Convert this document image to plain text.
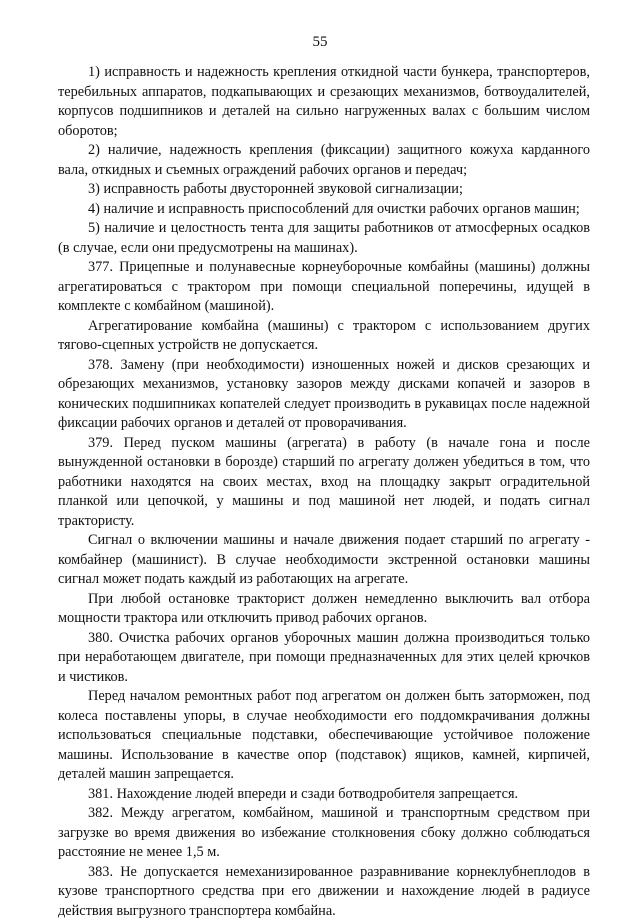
55

1) исправность и надежность крепления откидной части бункера, транспортеров, теребильных аппаратов, подкапывающих и срезающих механизмов, ботвоудалителей, корпусов подшипников и деталей на сильно нагруженных валах с большим числом оборотов;

2) наличие, надежность крепления (фиксации) защитного кожуха карданного вала, откидных и съемных ограждений рабочих органов и передач;

3) исправность работы двусторонней звуковой сигнализации;

4) наличие и исправность приспособлений для очистки рабочих органов машин;

5) наличие и целостность тента для защиты работников от атмосферных осадков (в случае, если они предусмотрены на машинах).

377. Прицепные и полунавесные корнеуборочные комбайны (машины) должны агрегатироваться с трактором при помощи специальной поперечины, идущей в комплекте с комбайном (машиной).

Агрегатирование комбайна (машины) с трактором с использованием других тягово-сцепных устройств не допускается.

378. Замену (при необходимости) изношенных ножей и дисков срезающих и обрезающих механизмов, установку зазоров между дисками копачей и зазоров в конических подшипниках копателей следует производить в рукавицах после надежной фиксации рабочих органов и деталей от проворачивания.

379. Перед пуском машины (агрегата) в работу (в начале гона и после вынужденной остановки в борозде) старший по агрегату должен убедиться в том, что работники находятся на своих местах, вход на площадку закрыт оградительной планкой или цепочкой, у машины и под машиной нет людей, и подать сигнал трактористу.

Сигнал о включении машины и начале движения подает старший по агрегату - комбайнер (машинист). В случае необходимости экстренной остановки машины сигнал может подать каждый из работающих на агрегате.

При любой остановке тракторист должен немедленно выключить вал отбора мощности трактора или отключить привод рабочих органов.

380. Очистка рабочих органов уборочных машин должна производиться только при неработающем двигателе, при помощи предназначенных для этих целей крючков и чистиков.

Перед началом ремонтных работ под агрегатом он должен быть заторможен, под колеса поставлены упоры, в случае необходимости его поддомкрачивания должны использоваться специальные подставки, обеспечивающие устойчивое положение машины. Использование в качестве опор (подставок) ящиков, камней, кирпичей, деталей машин запрещается.

381. Нахождение людей впереди и сзади ботводробителя запрещается.

382. Между агрегатом, комбайном, машиной и транспортным средством при загрузке во время движения во избежание столкновения сбоку должно соблюдаться расстояние не менее 1,5 м.

383. Не допускается немеханизированное разравнивание корнеклубнеплодов в кузове транспортного средства при его движении и нахождение людей в радиусе действия выгрузного транспортера комбайна.
